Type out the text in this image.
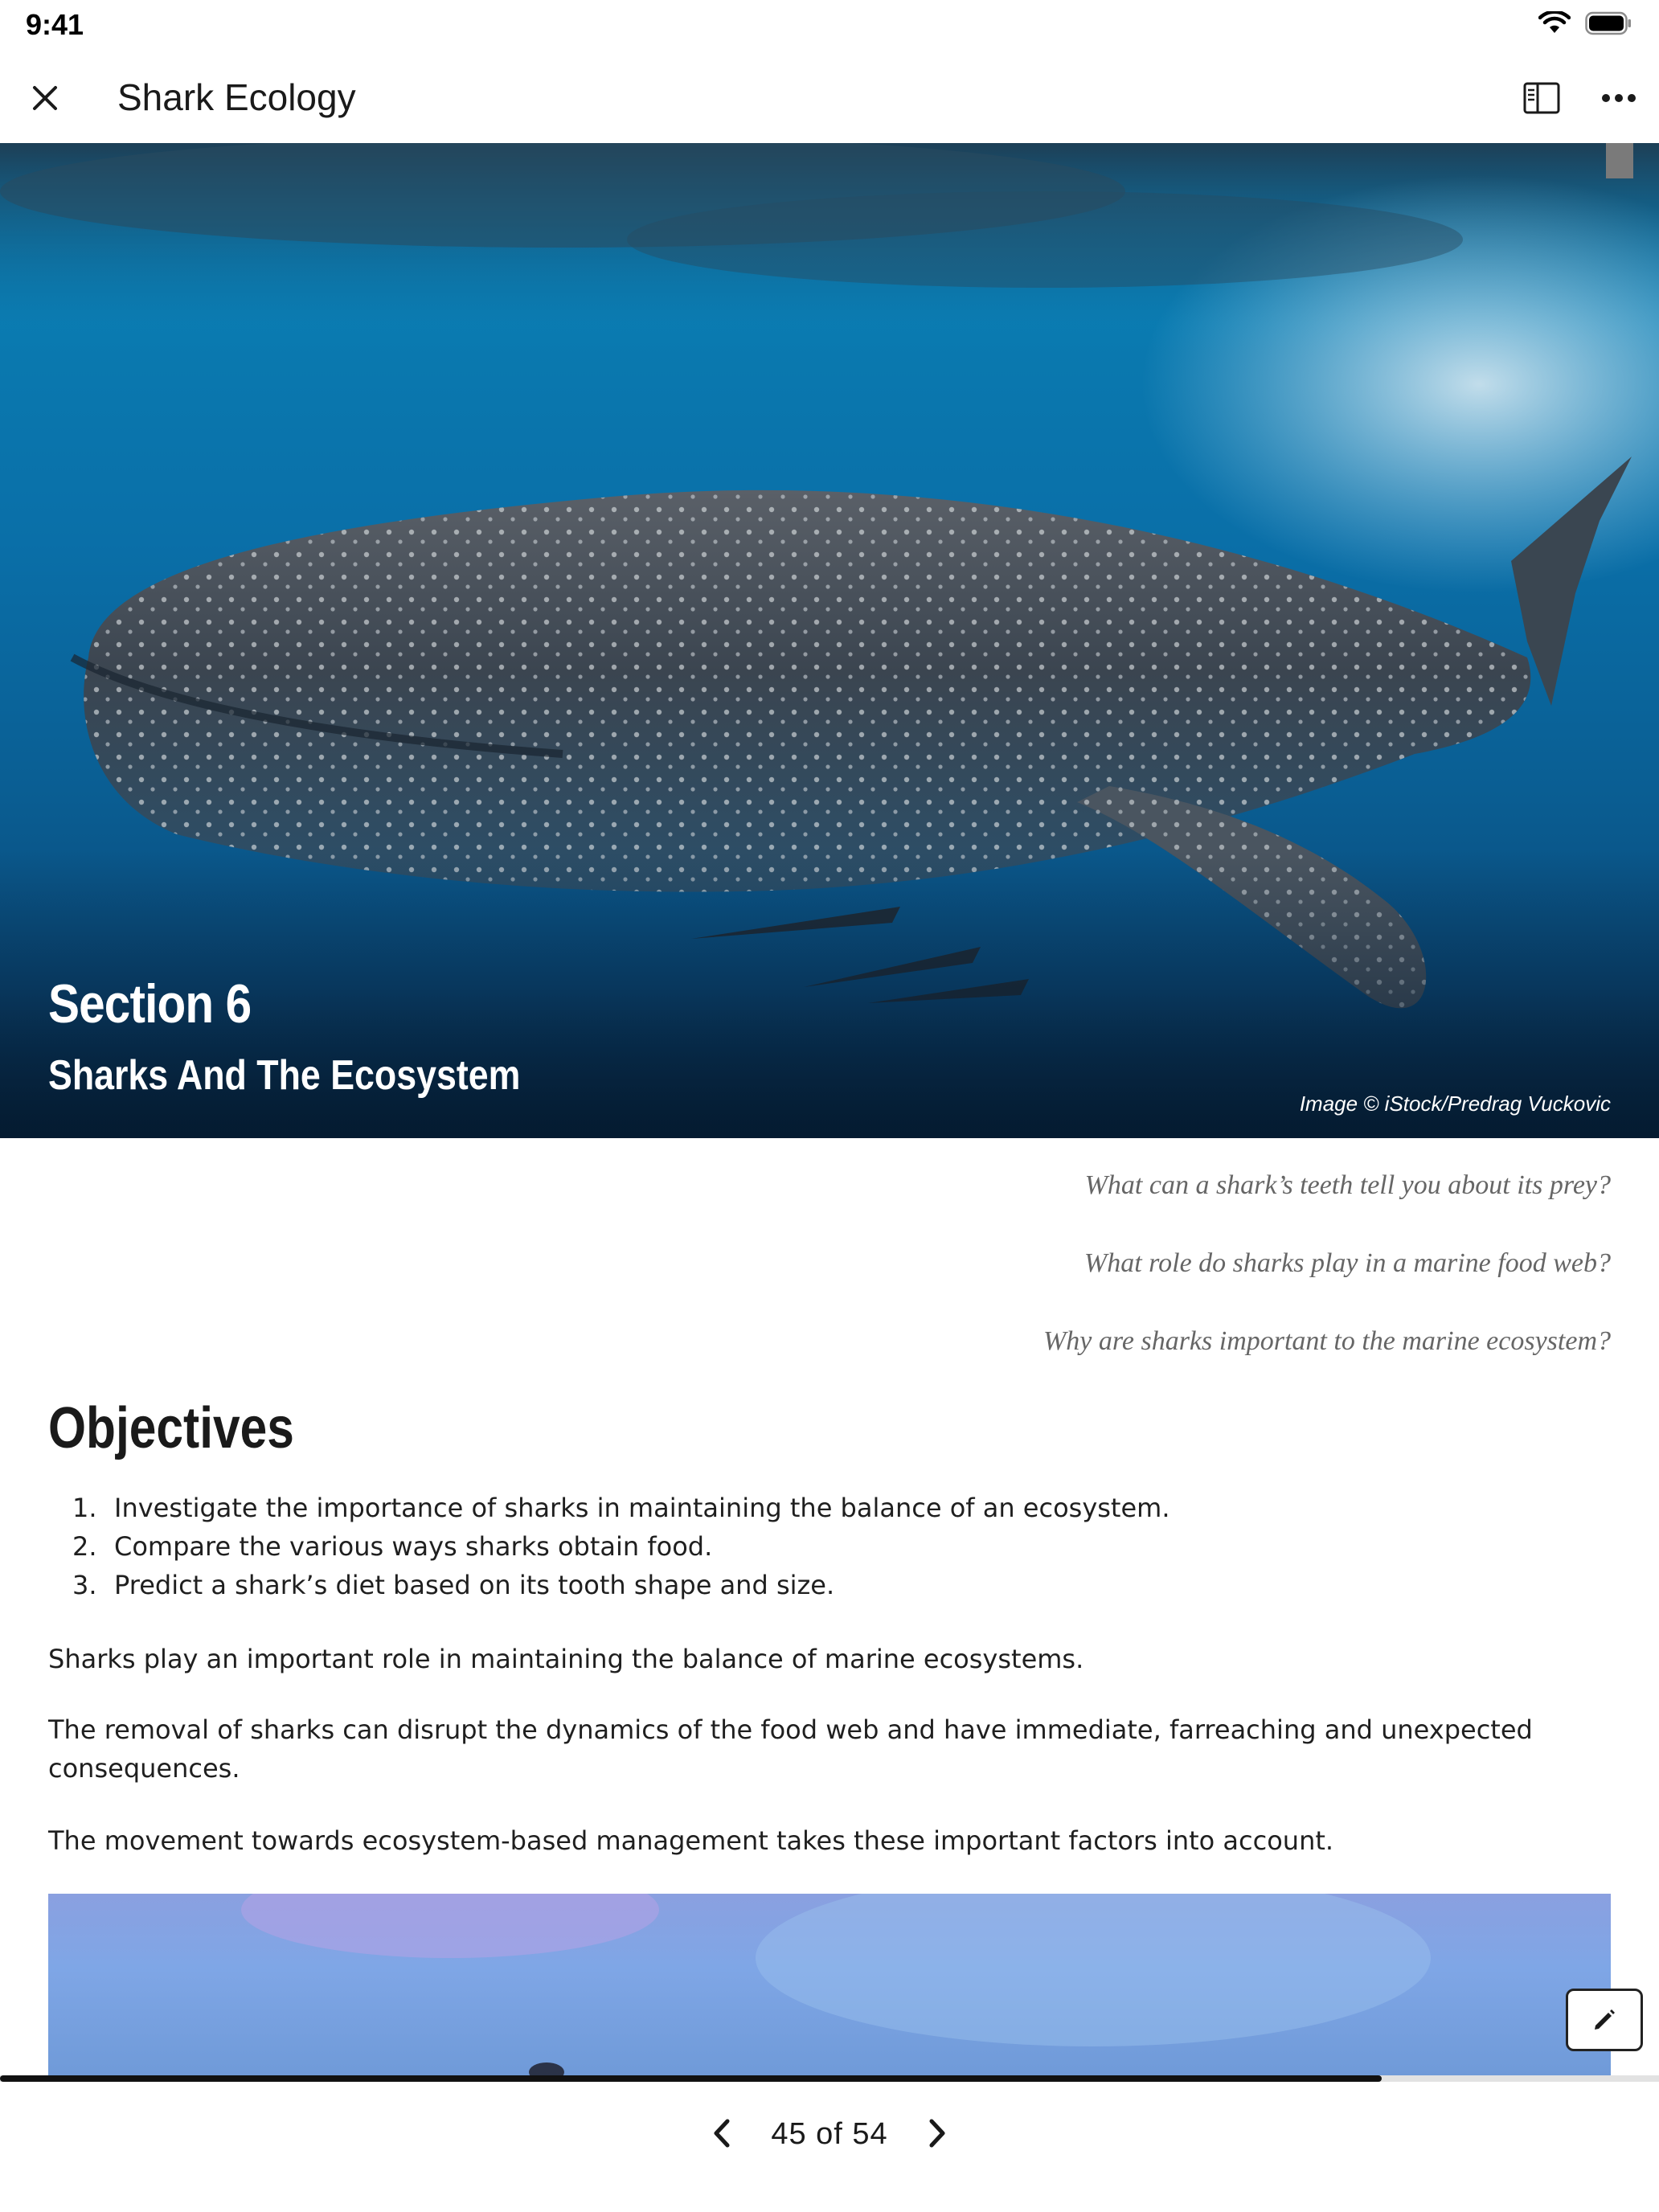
9:41
Shark Ecology
Section 6
Sharks And The Ecosystem
Image © iStock/Predrag Vuckovic
What can a shark’s teeth tell you about its prey?
What role do sharks play in a marine food web?
Why are sharks important to the marine ecosystem?
Objectives
1. Investigate the importance of sharks in maintaining the balance of an ecosystem.
2. Compare the various ways sharks obtain food.
3. Predict a shark’s diet based on its tooth shape and size.

Sharks play an important role in maintaining the balance of marine ecosystems.

The removal of sharks can disrupt the dynamics of the food web and have immediate, farreaching and unexpected consequences.

The movement towards ecosystem-based management takes these important factors into account.

45 of 54
